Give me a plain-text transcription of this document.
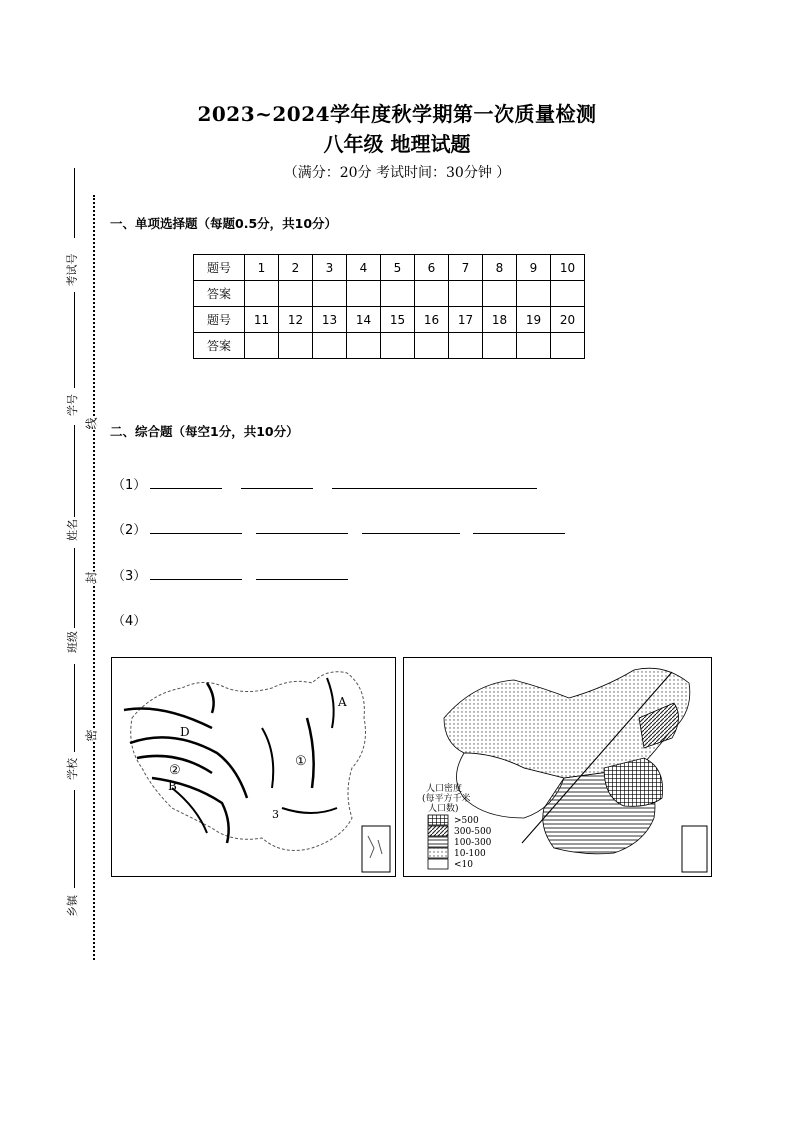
2023~2024学年度秋学期第一次质量检测
八年级 地理试题
（满分：20分 考试时间：30分钟 ）
考试号
学号
姓名
班级
学校
乡镇
线
封
密
一、单项选择题（每题0.5分，共10分）
题号	1	2	3	4	5	6	7	8	9	10
答案										
题号	11	12	13	14	15	16	17	18	19	20
答案										
二、综合题（每空1分，共10分）
（1）
（2）
（3）
（4）
A
D
B
①
②
3
人口密度(每平方千米人口数)
>500
300-500
100-300
10-100
<10
